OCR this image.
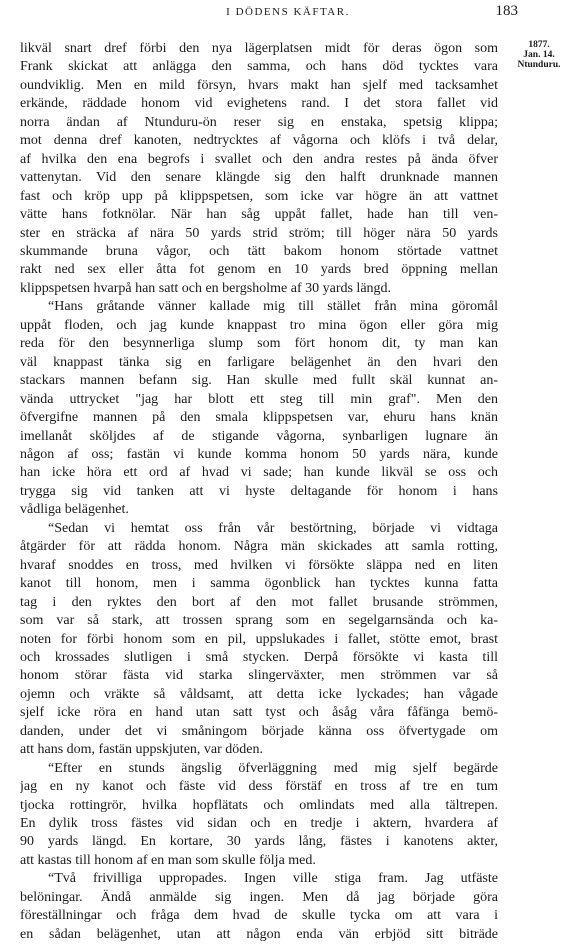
I DÖDENS KÄFTAR.	183
1877.
Jan. 14.
Ntunduru.
likväl snart dref förbi den nya lägerplatsen midt för deras ögon som
Frank skickat att anlägga den samma, och hans död tycktes vara
oundviklig. Men en mild försyn, hvars makt han sjelf med tacksamhet
erkände, räddade honom vid evighetens rand. I det stora fallet vid
norra ändan af Ntunduru-ön reser sig en enstaka, spetsig klippa;
mot denna dref kanoten, nedtrycktes af vågorna och klöfs i två delar,
af hvilka den ena begrofs i svallet och den andra restes på ända öfver
vattenytan. Vid den senare klängde sig den halft drunknade mannen
fast och kröp upp på klippspetsen, som icke var högre än att vattnet
vätte hans fotknölar. När han såg uppåt fallet, hade han till ven-
ster en sträcka af nära 50 yards strid ström; till höger nära 50 yards
skummande bruna vågor, och tätt bakom honom störtade vattnet
rakt ned sex eller åtta fot genom en 10 yards bred öppning mellan
klippspetsen hvarpå han satt och en bergsholme af 30 yards längd.
“Hans gråtande vänner kallade mig till stället från mina göromål
uppåt floden, och jag kunde knappast tro mina ögon eller göra mig
reda för den besynnerliga slump som fört honom dit, ty man kan
väl knappast tänka sig en farligare belägenhet än den hvari den
stackars mannen befann sig. Han skulle med fullt skäl kunnat an-
vända uttrycket "jag har blott ett steg till min graf". Men den
öfvergifne mannen på den smala klippspetsen var, ehuru hans knän
imellanåt sköljdes af de stigande vågorna, synbarligen lugnare än
någon af oss; fastän vi kunde komma honom 50 yards nära, kunde
han icke höra ett ord af hvad vi sade; han kunde likväl se oss och
trygga sig vid tanken att vi hyste deltagande för honom i hans
vådliga belägenhet.
“Sedan vi hemtat oss från vår bestörtning, började vi vidtaga
åtgärder för att rädda honom. Några män skickades att samla rotting,
hvaraf snoddes en tross, med hvilken vi försökte släppa ned en liten
kanot till honom, men i samma ögonblick han tycktes kunna fatta
tag i den ryktes den bort af den mot fallet brusande strömmen,
som var så stark, att trossen sprang som en segelgarnsända och ka-
noten for förbi honom som en pil, uppslukades i fallet, stötte emot, brast
och krossades slutligen i små stycken. Derpå försökte vi kasta till
honom störar fästa vid starka slingerväxter, men strömmen var så
ojemn och vräkte så våldsamt, att detta icke lyckades; han vågade
sjelf icke röra en hand utan satt tyst och åsåg våra fåfänga bemö-
danden, under det vi småningom började känna oss öfvertygade om
att hans dom, fastän uppskjuten, var döden.
“Efter en stunds ängslig öfverläggning med mig sjelf begärde
jag en ny kanot och fäste vid dess förstäf en tross af tre en tum
tjocka rottingrör, hvilka hopflätats och omlindats med alla tältrepen.
En dylik tross fästes vid sidan och en tredje i aktern, hvardera af
90 yards längd. En kortare, 30 yards lång, fästes i kanotens akter,
att kastas till honom af en man som skulle följa med.
“Två frivilliga uppropades. Ingen ville stiga fram. Jag utfäste
belöningar. Ändå anmälde sig ingen. Men då jag började göra
föreställningar och fråga dem hvad de skulle tycka om att vara i
en sådan belägenhet, utan att någon enda vän erbjöd sitt biträde
